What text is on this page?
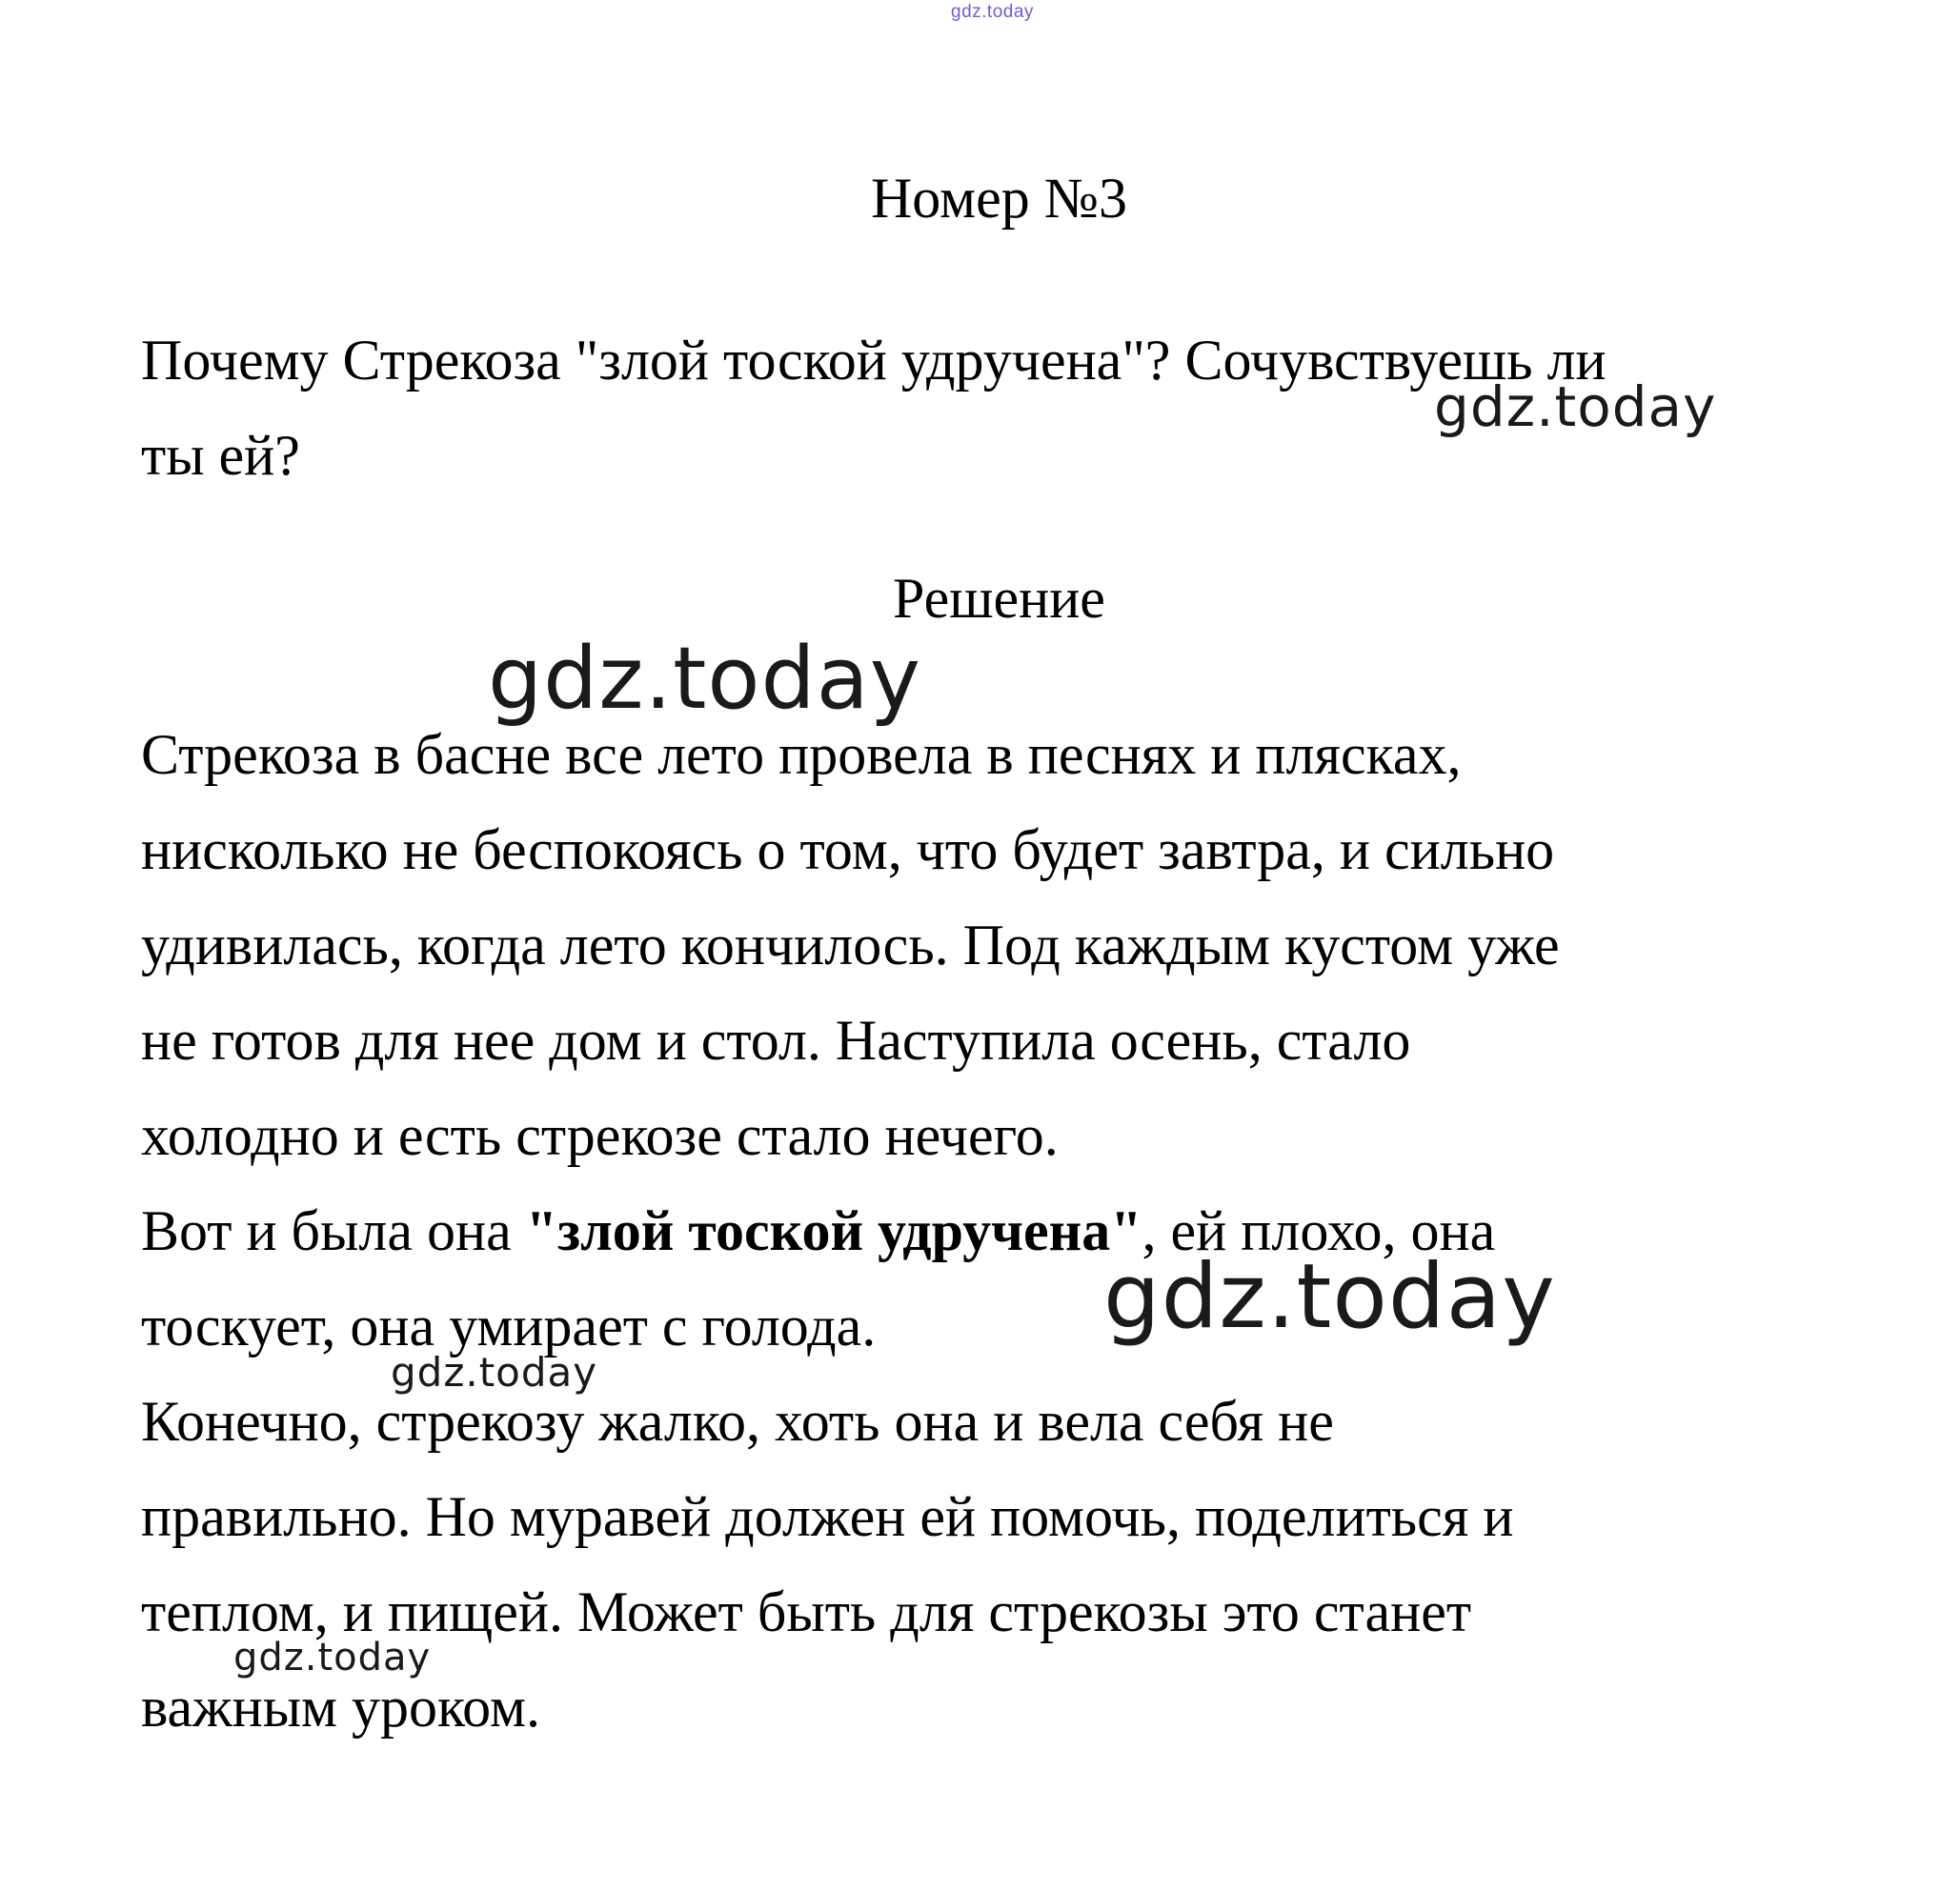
gdz.today
Номер №3

Почему Стрекоза "злой тоской удручена"? Сочувствуешь ли

ты ей?

Решение

Стрекоза в басне все лето провела в песнях и плясках,

нисколько не беспокоясь о том, что будет завтра, и сильно

удивилась, когда лето кончилось. Под каждым кустом уже

не готов для нее дом и стол. Наступила осень, стало

холодно и есть стрекозе стало нечего.

Вот и была она "злой тоской удручена", ей плохо, она

тоскует, она умирает с голода.

Конечно, стрекозу жалко, хоть она и вела себя не

правильно. Но муравей должен ей помочь, поделиться и

теплом, и пищей. Может быть для стрекозы это станет

важным уроком.

gdz.today
gdz.today
gdz.today
gdz.today
gdz.today
